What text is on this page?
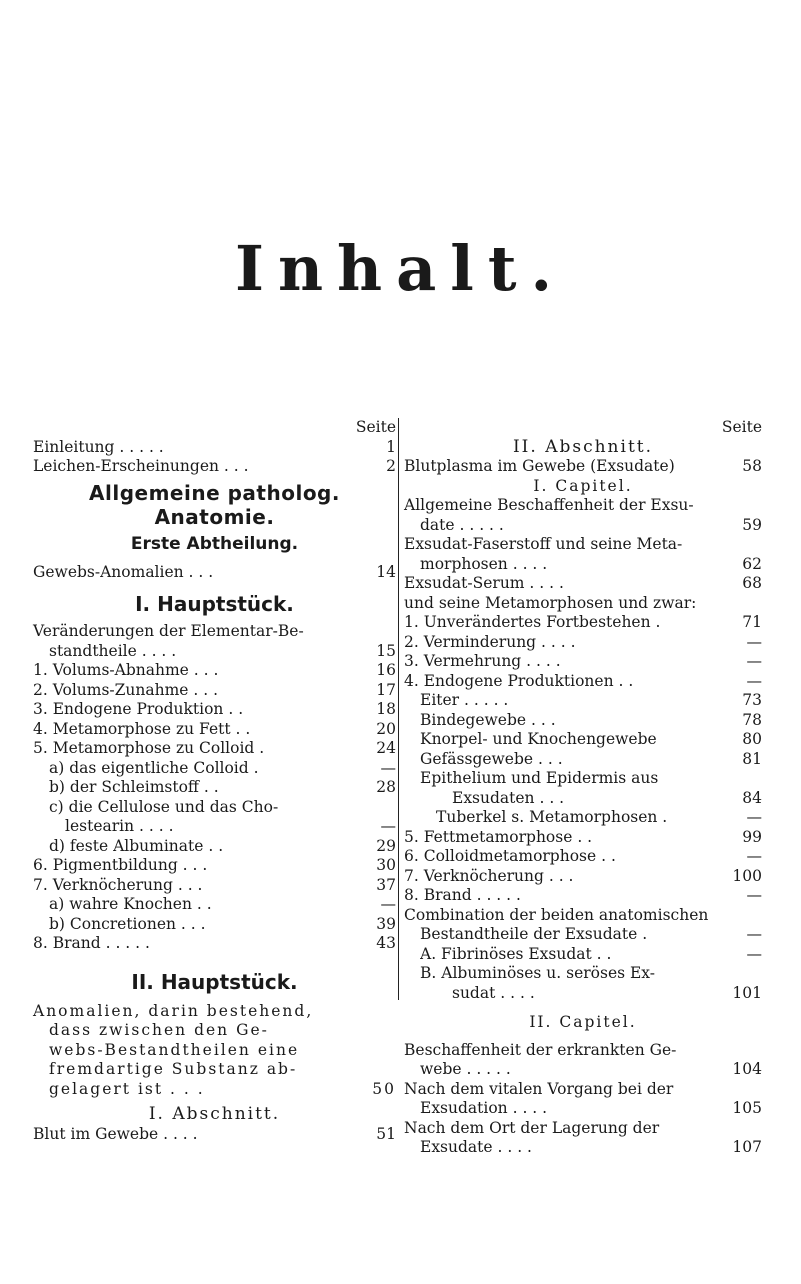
Inhalt.
Seite
Einleitung . . . . .	1
Leichen-Erscheinungen . . .	2
Allgemeine patholog.
Anatomie.
Erste Abtheilung.
Gewebs-Anomalien . . .	14
I. Hauptstück.
Veränderungen der Elementar-Be-
standtheile . . . .	15
1. Volums-Abnahme . . .	16
2. Volums-Zunahme . . .	17
3. Endogene Produktion . .	18
4. Metamorphose zu Fett . .	20
5. Metamorphose zu Colloid .	24
a) das eigentliche Colloid .	—
b) der Schleimstoff . .	28
c) die Cellulose und das Cho-
lestearin . . . .	—
d) feste Albuminate . .	29
6. Pigmentbildung . . .	30
7. Verknöcherung . . .	37
a) wahre Knochen . .	—
b) Concretionen . . .	39
8. Brand . . . . .	43
II. Hauptstück.
Anomalien, darin bestehend,
dass zwischen den Ge-
webs-Bestandtheilen eine
fremdartige Substanz ab-
gelagert ist . . .	50
I. Abschnitt.
Blut im Gewebe . . . .	51
Seite
II. Abschnitt.
Blutplasma im Gewebe (Exsudate)	58
I. Capitel.
Allgemeine Beschaffenheit der Exsu-
date . . . . .	59
Exsudat-Faserstoff und seine Meta-
morphosen . . . .	62
Exsudat-Serum . . . .	68
und seine Metamorphosen und zwar:
1. Unverändertes Fortbestehen .	71
2. Verminderung . . . .	—
3. Vermehrung . . . .	—
4. Endogene Produktionen . .	—
Eiter . . . . .	73
Bindegewebe . . .	78
Knorpel- und Knochengewebe	80
Gefässgewebe . . .	81
Epithelium und Epidermis aus
Exsudaten . . .	84
Tuberkel s. Metamorphosen .	—
5. Fettmetamorphose . .	99
6. Colloidmetamorphose . .	—
7. Verknöcherung . . .	100
8. Brand . . . . .	—
Combination der beiden anatomischen
Bestandtheile der Exsudate .	—
A. Fibrinöses Exsudat . .	—
B. Albuminöses u. seröses Ex-
sudat . . . .	101
II. Capitel.
Beschaffenheit der erkrankten Ge-
webe . . . . .	104
Nach dem vitalen Vorgang bei der
Exsudation . . . .	105
Nach dem Ort der Lagerung der
Exsudate . . . .	107
